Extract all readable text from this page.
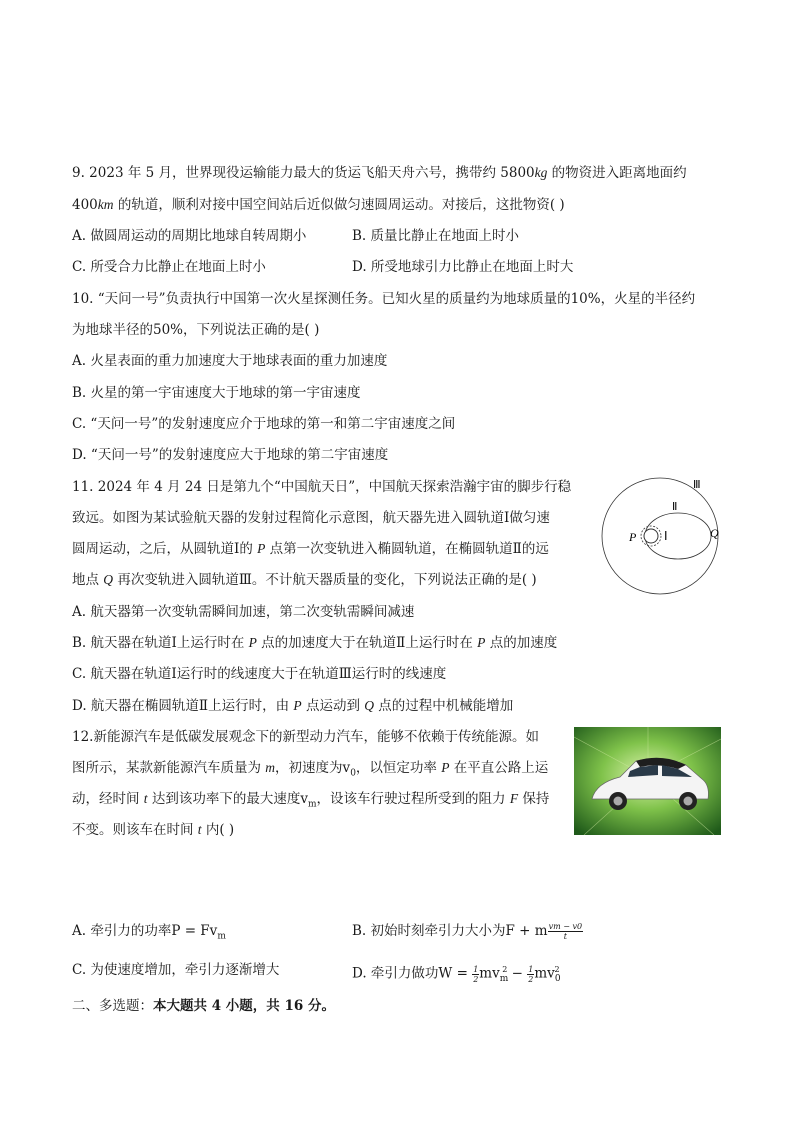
9. 2023 年 5 月，世界现役运输能力最大的货运飞船天舟六号，携带约 5800kg 的物资进入距离地面约
400km 的轨道，顺利对接中国空间站后近似做匀速圆周运动。对接后，这批物资( )
A. 做圆周运动的周期比地球自转周期小	B. 质量比静止在地面上时小
C. 所受合力比静止在地面上时小	D. 所受地球引力比静止在地面上时大
10. “天问一号”负责执行中国第一次火星探测任务。已知火星的质量约为地球质量的10%，火星的半径约
为地球半径的50%，下列说法正确的是( )
A. 火星表面的重力加速度大于地球表面的重力加速度
B. 火星的第一宇宙速度大于地球的第一宇宙速度
C. “天问一号”的发射速度应介于地球的第一和第二宇宙速度之间
D. “天问一号”的发射速度应大于地球的第二宇宙速度
11. 2024 年 4 月 24 日是第九个“中国航天日”，中国航天探索浩瀚宇宙的脚步行稳
致远。如图为某试验航天器的发射过程简化示意图，航天器先进入圆轨道Ⅰ做匀速
圆周运动，之后，从圆轨道Ⅰ的 P 点第一次变轨进入椭圆轨道，在椭圆轨道Ⅱ的远
地点 Q 再次变轨进入圆轨道Ⅲ。不计航天器质量的变化，下列说法正确的是( )
A. 航天器第一次变轨需瞬间加速，第二次变轨需瞬间减速
B. 航天器在轨道Ⅰ上运行时在 P 点的加速度大于在轨道Ⅱ上运行时在 P 点的加速度
C. 航天器在轨道Ⅰ运行时的线速度大于在轨道Ⅲ运行时的线速度
D. 航天器在椭圆轨道Ⅱ上运行时，由 P 点运动到 Q 点的过程中机械能增加
Ⅲ
Ⅱ
Ⅰ
P	Q
12.新能源汽车是低碳发展观念下的新型动力汽车，能够不依赖于传统能源。如
图所示，某款新能源汽车质量为 m，初速度为$v_0$，以恒定功率 P 在平直公路上运
动，经时间 t 达到该功率下的最大速度$v_m$，设该车行驶过程所受到的阻力 F 保持
不变。则该车在时间 t 内( )
A. 牵引力的功率$P = Fv_m$	B. 初始时刻牵引力大小为F + m $\frac{vm - v0}{t}$
C. 为使速度增加，牵引力逐渐增大	D. 牵引力做功$W = \frac{1}{2} mv_m^2 - \frac{1}{2} mv_0^2$
二、多选题：本大题共 4 小题，共 16 分。
